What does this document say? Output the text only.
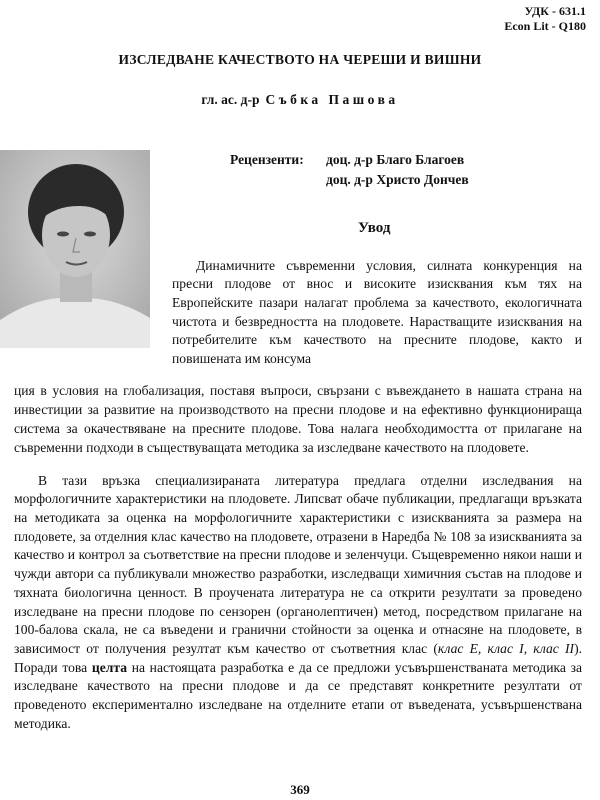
УДК - 631.1
Econ Lit - Q180
ИЗСЛЕДВАНЕ КАЧЕСТВОТО НА ЧЕРЕШИ И ВИШНИ
гл. ас. д-р Събка Пашова
Рецензенти: доц. д-р Благо Благоев
доц. д-р Христо Дончев
Увод

Динамичните съвременни условия, силната конкуренция на пресни плодове от внос и високите изисквания към тях на Европейските пазари налагат проблема за качеството, екологичната чистота и безвредността на плодовете. Нарастващите изисквания на потребителите към качеството на пресните плодове, както и повишената им консума

ция в условия на глобализация, поставя въпроси, свързани с въвеждането в нашата страна на инвестиции за развитие на производството на пресни плодове и на ефективно функционираща система за окачествяване на пресните плодове. Това налага необходимостта от прилагане на съвременни подходи в съществуващата методика за изследване качеството на плодовете.

В тази връзка специализираната литература предлага отделни изследвания на морфологичните характеристики на плодовете. Липсват обаче публикации, предлагащи връзката на методиката за оценка на морфологичните характеристики с изискванията за размера на плодовете, за отделния клас качество на плодовете, отразени в Наредба № 108 за изискванията за качество и контрол за съответствие на пресни плодове и зеленчуци. Същевременно някои наши и чужди автори са публикували множество разработки, изследващи химичния състав на плодове и тяхната биологична ценност. В проучената литература не са открити резултати за проведено изследване на пресни плодове по сензорен (органолептичен) метод, посредством прилагане на 100-балова скала, не са въведени и гранични стойности за оценка и отнасяне на плодовете, в зависимост от получения резултат към качество от съответния клас (клас Е, клас I, клас II). Поради това целта на настоящата разработка е да се предложи усъвършенстваната методика за изследване качеството на пресни плодове и да се представят конкретните резултати от проведеното експериментално изследване на отделните етапи от въведената, усъвършенствана методика.

369
